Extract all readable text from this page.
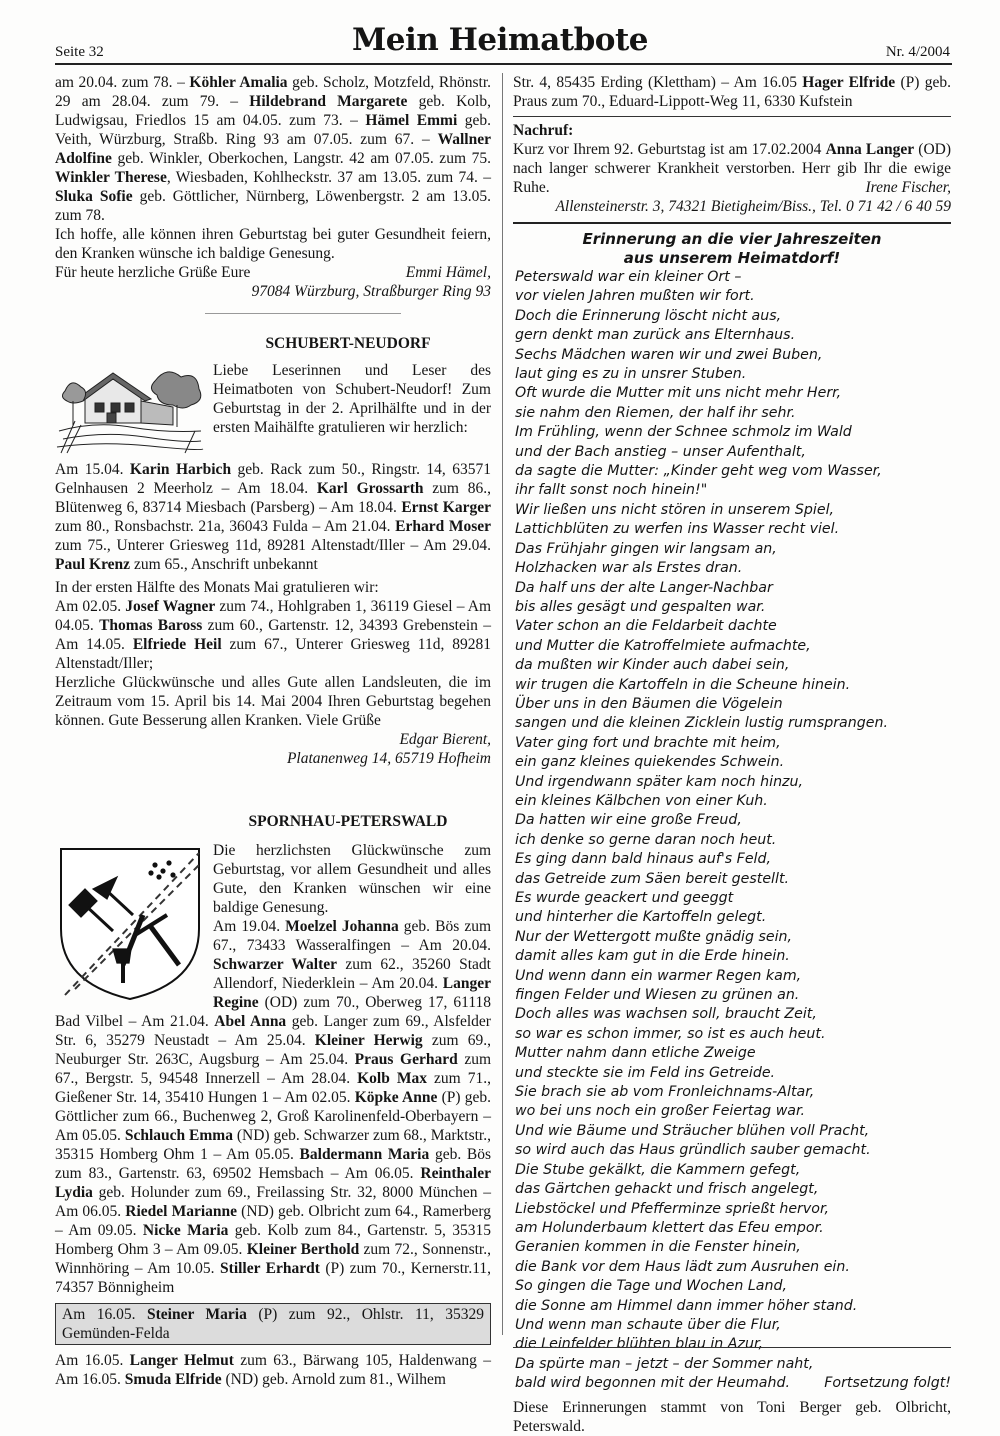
Seite 32	Mein Heimatbote	Nr. 4/2004

am 20.04. zum 78. – Köhler Amalia geb. Scholz, Motzfeld, Rhönstr. 29 am 28.04. zum 79. – Hildebrand Margarete geb. Kolb, Ludwigsau, Friedlos 15 am 04.05. zum 73. – Hämel Emmi geb. Veith, Würzburg, Straßb. Ring 93 am 07.05. zum 67. – Wallner Adolfine geb. Winkler, Oberkochen, Langstr. 42 am 07.05. zum 75. Winkler Therese, Wiesbaden, Kohlheckstr. 37 am 13.05. zum 74. – Sluka Sofie geb. Göttlicher, Nürnberg, Löwenbergstr. 2 am 13.05. zum 78.

Ich hoffe, alle können ihren Geburtstag bei guter Gesundheit feiern, den Kranken wünsche ich baldige Genesung.

Für heute herzliche Grüße Eure	Emmi Hämel,

97084 Würzburg, Straßburger Ring 93

SCHUBERT-NEUDORF

Liebe Leserinnen und Leser des Heimatboten von Schubert-Neudorf! Zum Geburtstag in der 2. Aprilhälfte und in der ersten Maihälfte gratulieren wir herzlich:

Am 15.04. Karin Harbich geb. Rack zum 50., Ringstr. 14, 63571 Gelnhausen 2 Meerholz – Am 18.04. Karl Grossarth zum 86., Blütenweg 6, 83714 Miesbach (Parsberg) – Am 18.04. Ernst Karger zum 80., Ronsbachstr. 21a, 36043 Fulda – Am 21.04. Erhard Moser zum 75., Unterer Griesweg 11d, 89281 Altenstadt/Iller – Am 29.04. Paul Krenz zum 65., Anschrift unbekannt

In der ersten Hälfte des Monats Mai gratulieren wir:

Am 02.05. Josef Wagner zum 74., Hohlgraben 1, 36119 Giesel – Am 04.05. Thomas Baross zum 60., Gartenstr. 12, 34393 Grebenstein – Am 14.05. Elfriede Heil zum 67., Unterer Griesweg 11d, 89281 Altenstadt/Iller;

Herzliche Glückwünsche und alles Gute allen Landsleuten, die im Zeitraum vom 15. April bis 14. Mai 2004 Ihren Geburtstag begehen können. Gute Besserung allen Kranken. Viele Grüße

Edgar Bierent,

Platanenweg 14, 65719 Hofheim

SPORNHAU-PETERSWALD

Die herzlichsten Glückwünsche zum Geburtstag, vor allem Gesundheit und alles Gute, den Kranken wünschen wir eine baldige Genesung.

Am 19.04. Moelzel Johanna geb. Bös zum 67., 73433 Wasseralfingen – Am 20.04. Schwarzer Walter zum 62., 35260 Stadt Allendorf, Niederklein – Am 20.04. Langer Regine (OD) zum 70., Oberweg 17, 61118 Bad Vilbel – Am 21.04. Abel Anna geb. Langer zum 69., Alsfelder Str. 6, 35279 Neustadt – Am 25.04. Kleiner Herwig zum 69., Neuburger Str. 263C, Augsburg – Am 25.04. Praus Gerhard zum 67., Bergstr. 5, 94548 Innerzell – Am 28.04. Kolb Max zum 71., Gießener Str. 14, 35410 Hungen 1 – Am 02.05. Köpke Anne (P) geb. Göttlicher zum 66., Buchenweg 2, Groß Karolinenfeld-Oberbayern – Am 05.05. Schlauch Emma (ND) geb. Schwarzer zum 68., Marktstr., 35315 Homberg Ohm 1 – Am 05.05. Baldermann Maria geb. Bös zum 83., Gartenstr. 63, 69502 Hemsbach – Am 06.05. Reinthaler Lydia geb. Holunder zum 69., Freilassing Str. 32, 8000 München – Am 06.05. Riedel Marianne (ND) geb. Olbricht zum 64., Ramerberg – Am 09.05. Nicke Maria geb. Kolb zum 84., Gartenstr. 5, 35315 Homberg Ohm 3 – Am 09.05. Kleiner Berthold zum 72., Sonnenstr., Winnhöring – Am 10.05. Stiller Erhardt (P) zum 70., Kernerstr.11, 74357 Bönnigheim

Am 16.05. Steiner Maria (P) zum 92., Ohlstr. 11, 35329 Gemünden-Felda

Am 16.05. Langer Helmut zum 63., Bärwang 105, Haldenwang – Am 16.05. Smuda Elfride (ND) geb. Arnold zum 81., Wilhem

Str. 4, 85435 Erding (Klettham) – Am 16.05 Hager Elfride (P) geb. Praus zum 70., Eduard-Lippott-Weg 11, 6330 Kufstein

Nachruf:

Kurz vor Ihrem 92. Geburtstag ist am 17.02.2004 Anna Langer (OD) nach langer schwerer Krankheit verstorben. Herr gib Ihr die ewige Ruhe.	Irene Fischer,

Allensteinerstr. 3, 74321 Bietigheim/Biss., Tel. 0 71 42 / 6 40 59

Erinnerung an die vier Jahreszeiten
aus unserem Heimatdorf!
Peterswald war ein kleiner Ort –
vor vielen Jahren mußten wir fort.
Doch die Erinnerung löscht nicht aus,
gern denkt man zurück ans Elternhaus.
Sechs Mädchen waren wir und zwei Buben,
laut ging es zu in unsrer Stuben.
Oft wurde die Mutter mit uns nicht mehr Herr,
sie nahm den Riemen, der half ihr sehr.
Im Frühling, wenn der Schnee schmolz im Wald
und der Bach anstieg – unser Aufenthalt,
da sagte die Mutter: „Kinder geht weg vom Wasser,
ihr fallt sonst noch hinein!"
Wir ließen uns nicht stören in unserem Spiel,
Lattichblüten zu werfen ins Wasser recht viel.
Das Frühjahr gingen wir langsam an,
Holzhacken war als Erstes dran.
Da half uns der alte Langer-Nachbar
bis alles gesägt und gespalten war.
Vater schon an die Feldarbeit dachte
und Mutter die Katroffelmiete aufmachte,
da mußten wir Kinder auch dabei sein,
wir trugen die Kartoffeln in die Scheune hinein.
Über uns in den Bäumen die Vögelein
sangen und die kleinen Zicklein lustig rumsprangen.
Vater ging fort und brachte mit heim,
ein ganz kleines quiekendes Schwein.
Und irgendwann später kam noch hinzu,
ein kleines Kälbchen von einer Kuh.
Da hatten wir eine große Freud,
ich denke so gerne daran noch heut.
Es ging dann bald hinaus auf's Feld,
das Getreide zum Säen bereit gestellt.
Es wurde geackert und geeggt
und hinterher die Kartoffeln gelegt.
Nur der Wettergott mußte gnädig sein,
damit alles kam gut in die Erde hinein.
Und wenn dann ein warmer Regen kam,
fingen Felder und Wiesen zu grünen an.
Doch alles was wachsen soll, braucht Zeit,
so war es schon immer, so ist es auch heut.
Mutter nahm dann etliche Zweige
und steckte sie im Feld ins Getreide.
Sie brach sie ab vom Fronleichnams-Altar,
wo bei uns noch ein großer Feiertag war.
Und wie Bäume und Sträucher blühen voll Pracht,
so wird auch das Haus gründlich sauber gemacht.
Die Stube gekälkt, die Kammern gefegt,
das Gärtchen gehackt und frisch angelegt,
Liebstöckel und Pfefferminze sprießt hervor,
am Holunderbaum klettert das Efeu empor.
Geranien kommen in die Fenster hinein,
die Bank vor dem Haus lädt zum Ausruhen ein.
So gingen die Tage und Wochen Land,
die Sonne am Himmel dann immer höher stand.
Und wenn man schaute über die Flur,
die Leinfelder blühten blau in Azur,
Da spürte man – jetzt – der Sommer naht,
bald wird begonnen mit der Heumahd. Fortsetzung folgt!

Diese Erinnerungen stammt von Toni Berger geb. Olbricht, Peterswald.
